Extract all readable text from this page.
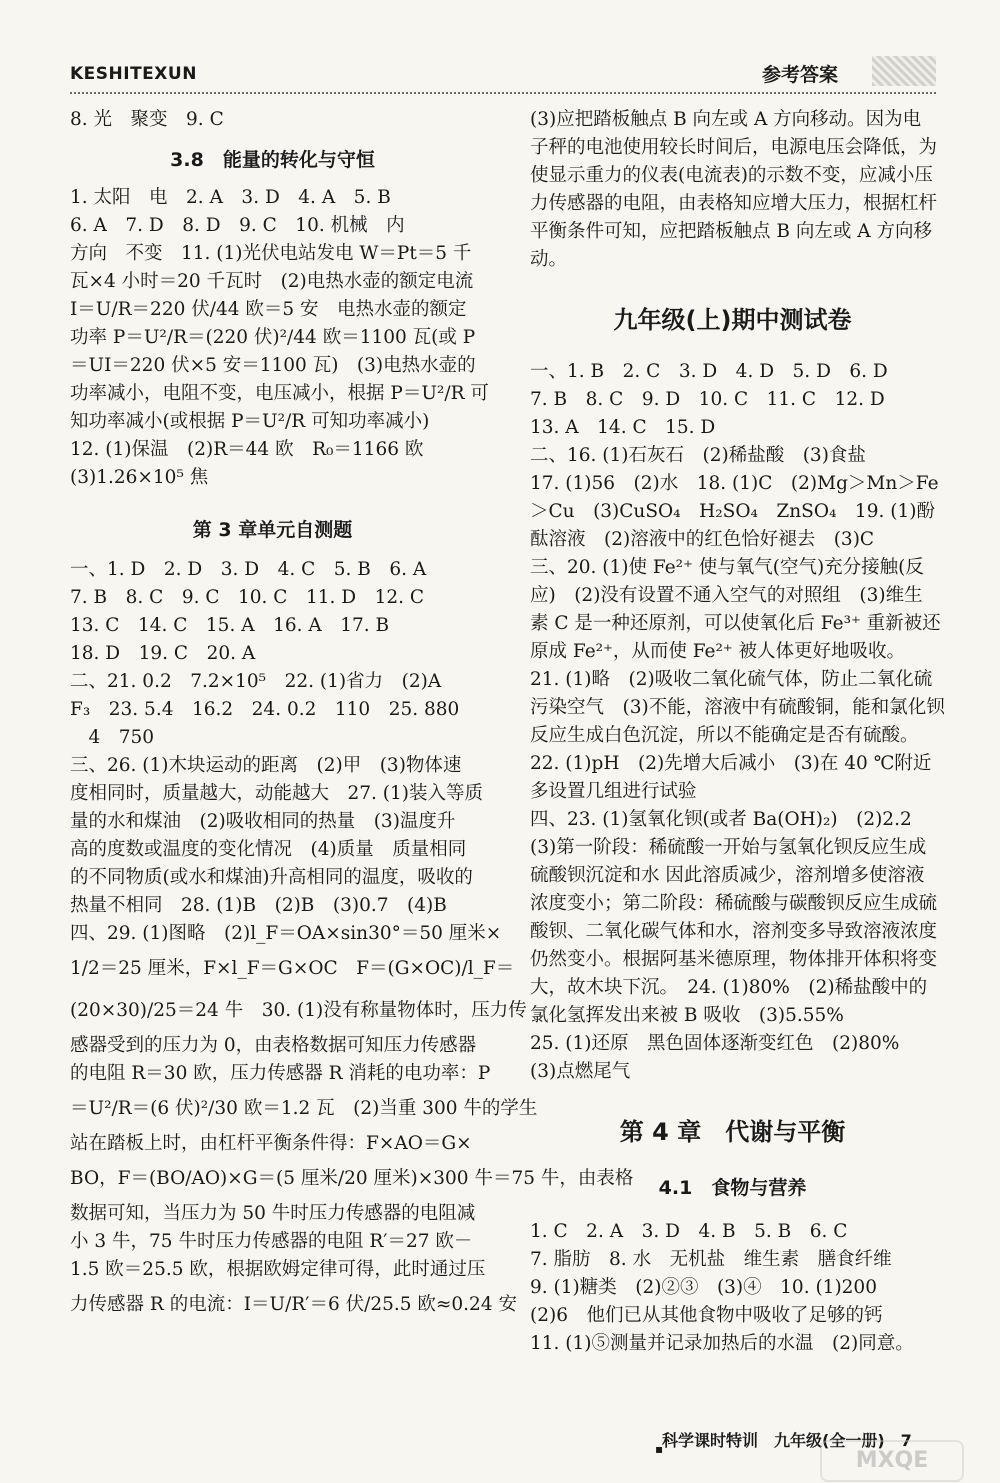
KESHITEXUN	参考答案

8. 光　聚变　9. C

3.8　能量的转化与守恒

1. 太阳　电　2. A　3. D　4. A　5. B

6. A　7. D　8. D　9. C　10. 机械　内

方向　不变　11. (1)光伏电站发电 W＝Pt＝5 千

瓦×4 小时＝20 千瓦时　(2)电热水壶的额定电流

I＝U/R＝220 伏/44 欧＝5 安　电热水壶的额定

功率 P＝U²/R＝(220 伏)²/44 欧＝1100 瓦(或 P

＝UI＝220 伏×5 安＝1100 瓦)　(3)电热水壶的

功率减小，电阻不变，电压减小，根据 P＝U²/R 可

知功率减小(或根据 P＝U²/R 可知功率减小)

12. (1)保温　(2)R＝44 欧　R₀＝1166 欧

(3)1.26×10⁵ 焦

第 3 章单元自测题

一、1. D　2. D　3. D　4. C　5. B　6. A

7. B　8. C　9. C　10. C　11. D　12. C

13. C　14. C　15. A　16. A　17. B

18. D　19. C　20. A

二、21. 0.2　7.2×10⁵　22. (1)省力　(2)A

F₃　23. 5.4　16.2　24. 0.2　110　25. 880

　4　750

三、26. (1)木块运动的距离　(2)甲　(3)物体速

度相同时，质量越大，动能越大　27. (1)装入等质

量的水和煤油　(2)吸收相同的热量　(3)温度升

高的度数或温度的变化情况　(4)质量　质量相同

的不同物质(或水和煤油)升高相同的温度，吸收的

热量不相同　28. (1)B　(2)B　(3)0.7　(4)B

四、29. (1)图略　(2)l_F＝OA×sin30°＝50 厘米×

1/2＝25 厘米，F×l_F＝G×OC　F＝(G×OC)/l_F＝

(20×30)/25＝24 牛　30. (1)没有称量物体时，压力传

感器受到的压力为 0，由表格数据可知压力传感器

的电阻 R＝30 欧，压力传感器 R 消耗的电功率：P

＝U²/R＝(6 伏)²/30 欧＝1.2 瓦　(2)当重 300 牛的学生

站在踏板上时，由杠杆平衡条件得：F×AO＝G×

BO，F＝(BO/AO)×G＝(5 厘米/20 厘米)×300 牛＝75 牛，由表格

数据可知，当压力为 50 牛时压力传感器的电阻减

小 3 牛，75 牛时压力传感器的电阻 R′＝27 欧－

1.5 欧＝25.5 欧，根据欧姆定律可得，此时通过压

力传感器 R 的电流：I＝U/R′＝6 伏/25.5 欧≈0.24 安

(3)应把踏板触点 B 向左或 A 方向移动。因为电

子秤的电池使用较长时间后，电源电压会降低，为

使显示重力的仪表(电流表)的示数不变，应减小压

力传感器的电阻，由表格知应增大压力，根据杠杆

平衡条件可知，应把踏板触点 B 向左或 A 方向移

动。

九年级(上)期中测试卷

一、1. B　2. C　3. D　4. D　5. D　6. D

7. B　8. C　9. D　10. C　11. C　12. D

13. A　14. C　15. D

二、16. (1)石灰石　(2)稀盐酸　(3)食盐

17. (1)56　(2)水　18. (1)C　(2)Mg＞Mn＞Fe

＞Cu　(3)CuSO₄　H₂SO₄　ZnSO₄　19. (1)酚

酞溶液　(2)溶液中的红色恰好褪去　(3)C

三、20. (1)使 Fe²⁺ 使与氧气(空气)充分接触(反

应)　(2)没有设置不通入空气的对照组　(3)维生

素 C 是一种还原剂，可以使氧化后 Fe³⁺ 重新被还

原成 Fe²⁺，从而使 Fe²⁺ 被人体更好地吸收。

21. (1)略　(2)吸收二氧化硫气体，防止二氧化硫

污染空气　(3)不能，溶液中有硫酸铜，能和氯化钡

反应生成白色沉淀，所以不能确定是否有硫酸。

22. (1)pH　(2)先增大后减小　(3)在 40 ℃附近

多设置几组进行试验

四、23. (1)氢氧化钡(或者 Ba(OH)₂)　(2)2.2

(3)第一阶段：稀硫酸一开始与氢氧化钡反应生成

硫酸钡沉淀和水 因此溶质减少，溶剂增多使溶液

浓度变小；第二阶段：稀硫酸与碳酸钡反应生成硫

酸钡、二氧化碳气体和水，溶剂变多导致溶液浓度

仍然变小。根据阿基米德原理，物体排开体积将变

大，故木块下沉。　24. (1)80%　(2)稀盐酸中的

氯化氢挥发出来被 B 吸收　(3)5.55%

25. (1)还原　黑色固体逐渐变红色　(2)80%

(3)点燃尾气

第 4 章　代谢与平衡

4.1　食物与营养

1. C　2. A　3. D　4. B　5. B　6. C

7. 脂肪　8. 水　无机盐　维生素　膳食纤维

9. (1)糖类　(2)②③　(3)④　10. (1)200

(2)6　他们已从其他食物中吸收了足够的钙

11. (1)⑤测量并记录加热后的水温　(2)同意。

▪
科学课时特训　九年级(全一册)　7
MXQE
